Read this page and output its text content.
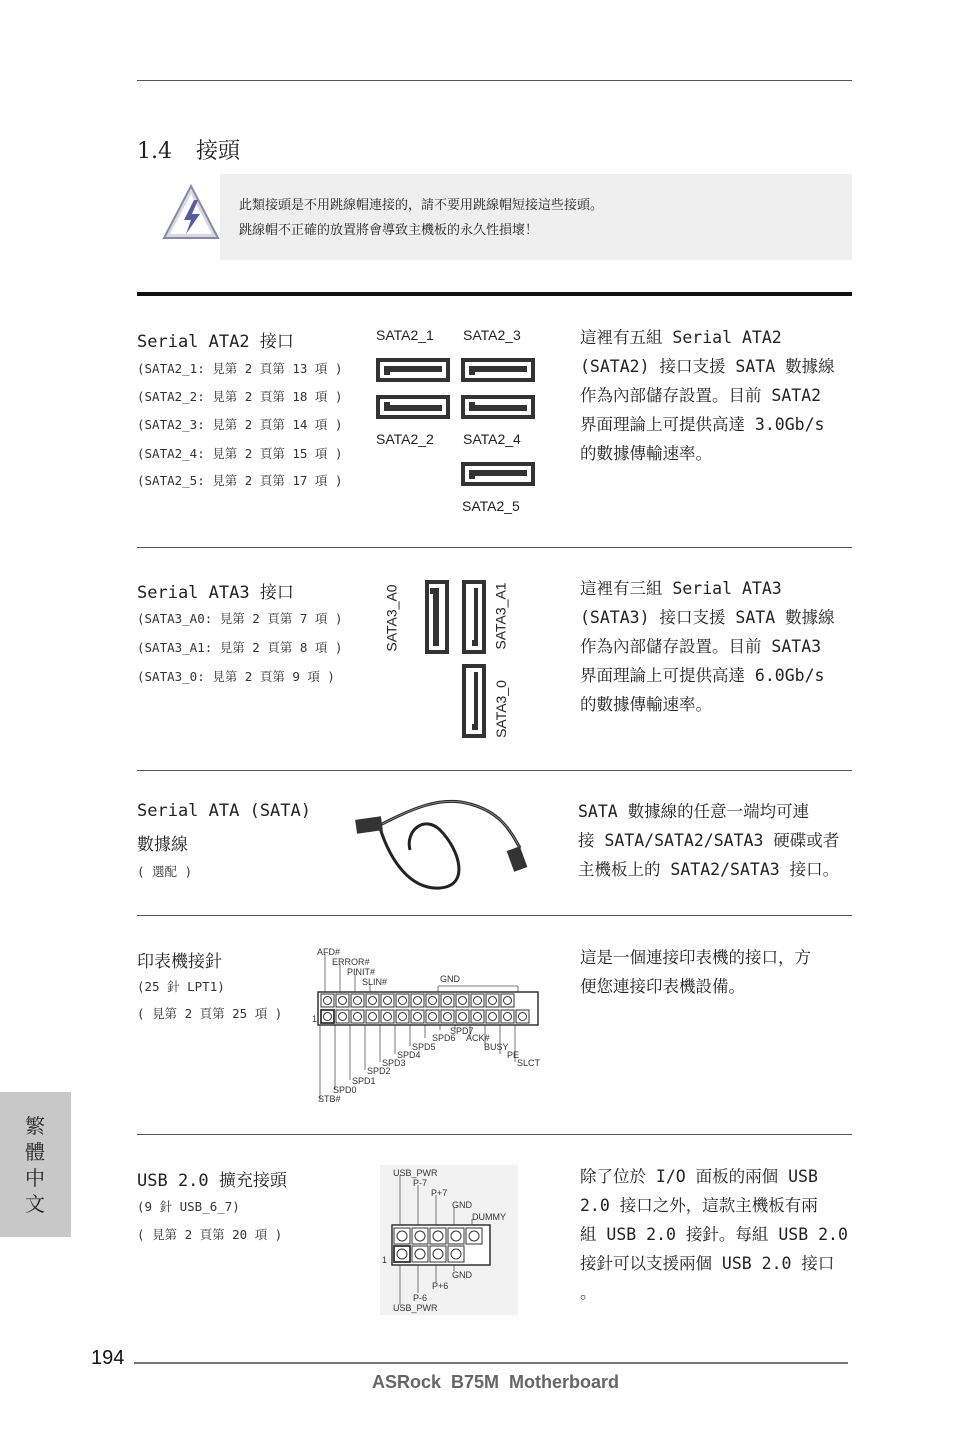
1.4 接頭
此類接頭是不用跳線帽連接的，請不要用跳線帽短接這些接頭。
跳線帽不正確的放置將會導致主機板的永久性損壞！
Serial ATA2 接口
(SATA2_1: 見第 2 頁第 13 項 )
(SATA2_2: 見第 2 頁第 18 項 )
(SATA2_3: 見第 2 頁第 14 項 )
(SATA2_4: 見第 2 頁第 15 項 )
(SATA2_5: 見第 2 頁第 17 項 )
SATA2_1 SATA2_3
SATA2_2 SATA2_4
SATA2_5
這裡有五組 Serial ATA2
(SATA2) 接口支援 SATA 數據線
作為內部儲存設置。目前 SATA2
界面理論上可提供高達 3.0Gb/s
的數據傳輸速率。
Serial ATA3 接口
(SATA3_A0: 見第 2 頁第 7 項 )
(SATA3_A1: 見第 2 頁第 8 項 )
(SATA3_0: 見第 2 頁第 9 項 )
SATA3_A0	SATA3_A1
SATA3_0
這裡有三組 Serial ATA3
(SATA3) 接口支援 SATA 數據線
作為內部儲存設置。目前 SATA3
界面理論上可提供高達 6.0Gb/s
的數據傳輸速率。
Serial ATA (SATA)
數據線
( 選配 )
SATA 數據線的任意一端均可連
接 SATA/SATA2/SATA3 硬碟或者
主機板上的 SATA2/SATA3 接口。
印表機接針
(25 針 LPT1)
( 見第 2 頁第 25 項 )
AFD#
ERROR#
PINIT#
SLIN#	GND
SPD7
SPD6 ACK#
SPD5	BUSY
SPD4	PE
SPD3	SLCT
SPD2
SPD1
SPD0
STB#
1
這是一個連接印表機的接口，方
便您連接印表機設備。
USB 2.0 擴充接頭
(9 針 USB_6_7)
( 見第 2 頁第 20 項 )
USB_PWR
P-7
P+7
GND
DUMMY
1
GND
P+6
P-6
USB_PWR
除了位於 I/O 面板的兩個 USB
2.0 接口之外，這款主機板有兩
組 USB 2.0 接針。每組 USB 2.0
接針可以支援兩個 USB 2.0 接口
。
繁
體
中
文
194
ASRock  B75M  Motherboard
